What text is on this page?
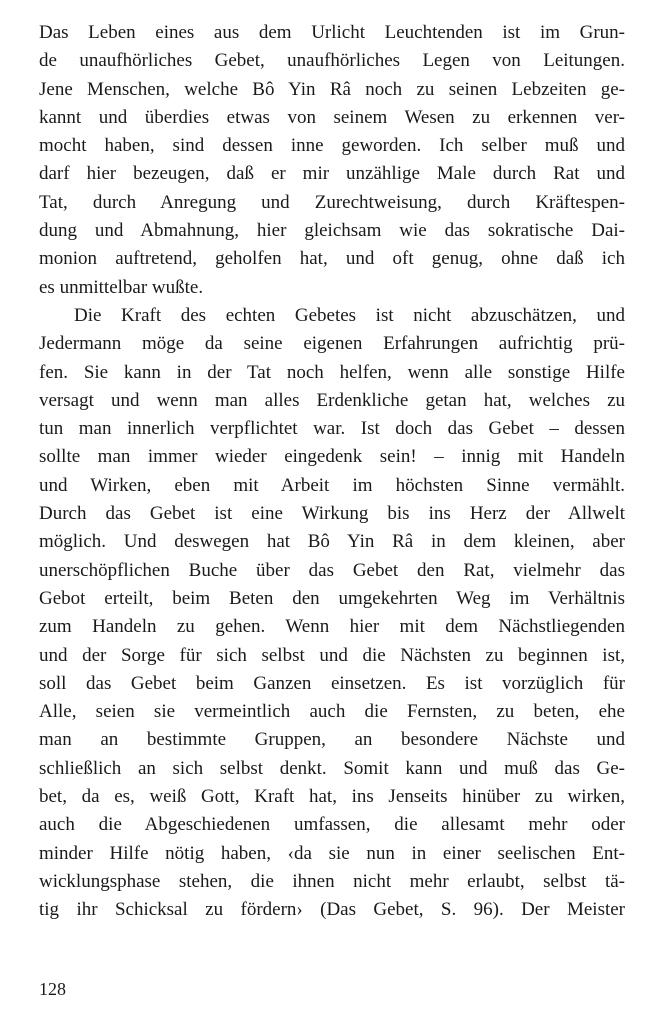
Das Leben eines aus dem Urlicht Leuchtenden ist im Grun-
de unaufhörliches Gebet, unaufhörliches Legen von Leitungen.
Jene Menschen, welche Bô Yin Râ noch zu seinen Lebzeiten ge-
kannt und überdies etwas von seinem Wesen zu erkennen ver-
mocht haben, sind dessen inne geworden. Ich selber muß und
darf hier bezeugen, daß er mir unzählige Male durch Rat und
Tat, durch Anregung und Zurechtweisung, durch Kräftespen-
dung und Abmahnung, hier gleichsam wie das sokratische Dai-
monion auftretend, geholfen hat, und oft genug, ohne daß ich
es unmittelbar wußte.
Die Kraft des echten Gebetes ist nicht abzuschätzen, und
Jedermann möge da seine eigenen Erfahrungen aufrichtig prü-
fen. Sie kann in der Tat noch helfen, wenn alle sonstige Hilfe
versagt und wenn man alles Erdenkliche getan hat, welches zu
tun man innerlich verpflichtet war. Ist doch das Gebet – dessen
sollte man immer wieder eingedenk sein! – innig mit Handeln
und Wirken, eben mit Arbeit im höchsten Sinne vermählt.
Durch das Gebet ist eine Wirkung bis ins Herz der Allwelt
möglich. Und deswegen hat Bô Yin Râ in dem kleinen, aber
unerschöpflichen Buche über das Gebet den Rat, vielmehr das
Gebot erteilt, beim Beten den umgekehrten Weg im Verhältnis
zum Handeln zu gehen. Wenn hier mit dem Nächstliegenden
und der Sorge für sich selbst und die Nächsten zu beginnen ist,
soll das Gebet beim Ganzen einsetzen. Es ist vorzüglich für
Alle, seien sie vermeintlich auch die Fernsten, zu beten, ehe
man an bestimmte Gruppen, an besondere Nächste und
schließlich an sich selbst denkt. Somit kann und muß das Ge-
bet, da es, weiß Gott, Kraft hat, ins Jenseits hinüber zu wirken,
auch die Abgeschiedenen umfassen, die allesamt mehr oder
minder Hilfe nötig haben, ‹da sie nun in einer seelischen Ent-
wicklungsphase stehen, die ihnen nicht mehr erlaubt, selbst tä-
tig ihr Schicksal zu fördern› (Das Gebet, S. 96). Der Meister
128
